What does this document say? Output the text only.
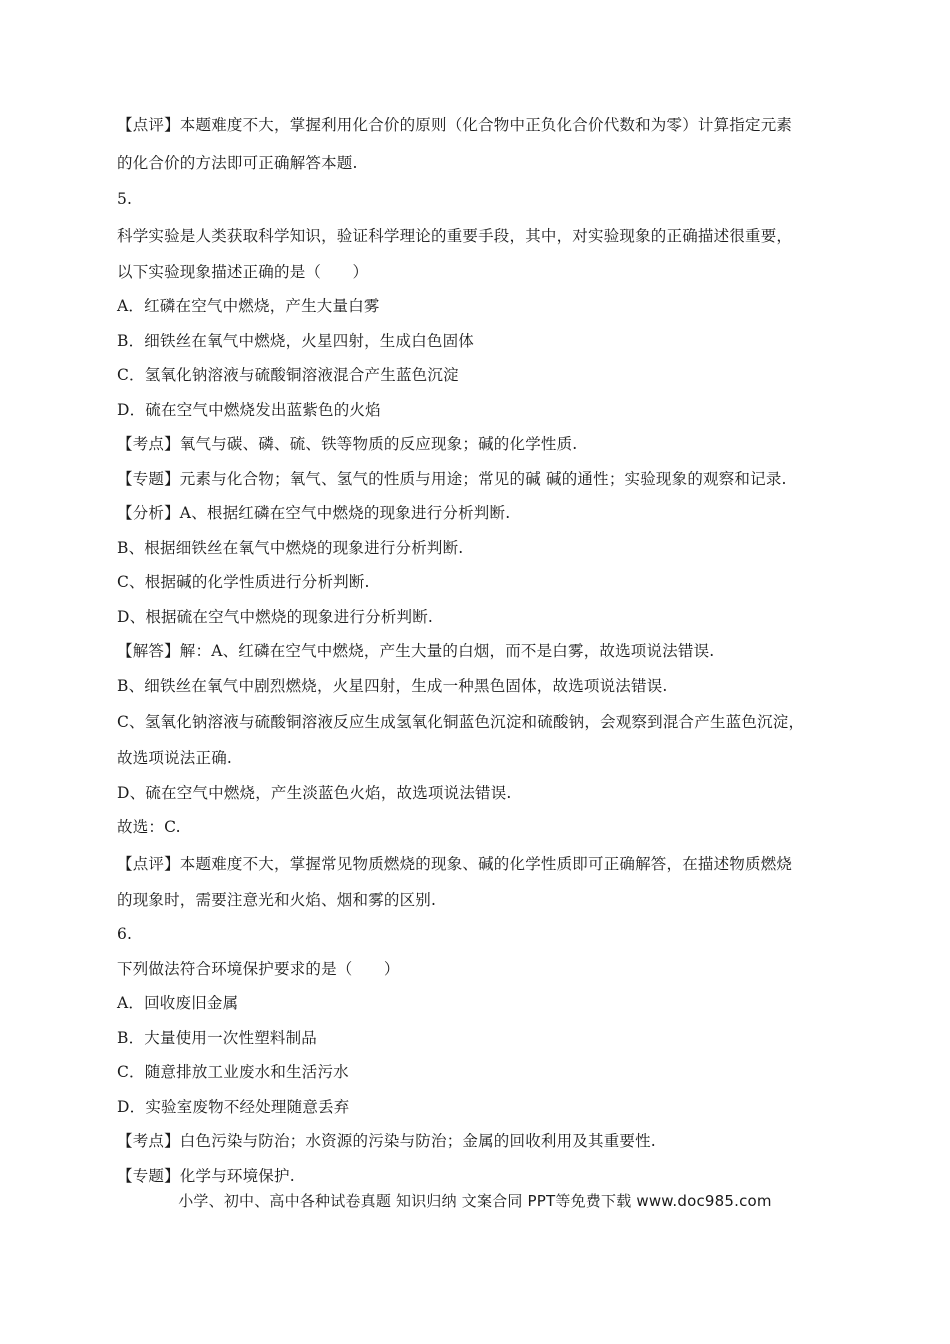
【点评】本题难度不大，掌握利用化合价的原则（化合物中正负化合价代数和为零）计算指定元素
的化合价的方法即可正确解答本题.
5.
科学实验是人类获取科学知识，验证科学理论的重要手段，其中，对实验现象的正确描述很重要，
以下实验现象描述正确的是（　　）
A．红磷在空气中燃烧，产生大量白雾
B．细铁丝在氧气中燃烧，火星四射，生成白色固体
C．氢氧化钠溶液与硫酸铜溶液混合产生蓝色沉淀
D．硫在空气中燃烧发出蓝紫色的火焰
【考点】氧气与碳、磷、硫、铁等物质的反应现象；碱的化学性质.
【专题】元素与化合物；氧气、氢气的性质与用途；常见的碱 碱的通性；实验现象的观察和记录.
【分析】A、根据红磷在空气中燃烧的现象进行分析判断.
B、根据细铁丝在氧气中燃烧的现象进行分析判断.
C、根据碱的化学性质进行分析判断.
D、根据硫在空气中燃烧的现象进行分析判断.
【解答】解：A、红磷在空气中燃烧，产生大量的白烟，而不是白雾，故选项说法错误.
B、细铁丝在氧气中剧烈燃烧，火星四射，生成一种黑色固体，故选项说法错误.
C、氢氧化钠溶液与硫酸铜溶液反应生成氢氧化铜蓝色沉淀和硫酸钠，会观察到混合产生蓝色沉淀，
故选项说法正确.
D、硫在空气中燃烧，产生淡蓝色火焰，故选项说法错误.
故选：C.
【点评】本题难度不大，掌握常见物质燃烧的现象、碱的化学性质即可正确解答，在描述物质燃烧
的现象时，需要注意光和火焰、烟和雾的区别.
6.
下列做法符合环境保护要求的是（　　）
A．回收废旧金属
B．大量使用一次性塑料制品
C．随意排放工业废水和生活污水
D．实验室废物不经处理随意丢弃
【考点】白色污染与防治；水资源的污染与防治；金属的回收利用及其重要性.
【专题】化学与环境保护.
小学、初中、高中各种试卷真题 知识归纳 文案合同 PPT等免费下载 www.doc985.com
